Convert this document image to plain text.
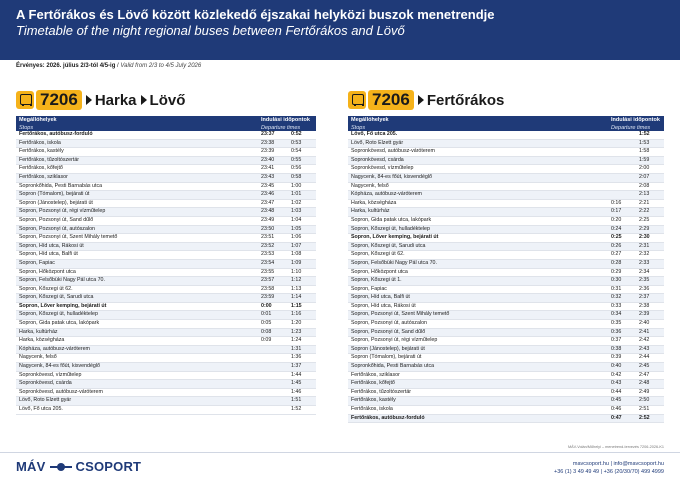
A Fertőrákos és Lövő között közlekedő éjszakai helyközi buszok menetrendje
Timetable of the night regional buses between Fertőrákos and Lövő
Érvényes: 2026. július 2/3-tól 4/5-ig / Valid from 2/3 to 4/5 July 2026
7206 Harka Lövő
Megállóhelyek	Indulási időpontok	
Stops	Departure times	
Fertőrákos, autóbusz-forduló	23:37	0:52
Fertőrákos, iskola	23:38	0:53
Fertőrákos, kastély	23:39	0:54
Fertőrákos, tűzoltószertár	23:40	0:55
Fertőrákos, kőfejtő	23:41	0:56
Fertőrákos, sziklasor	23:43	0:58
Sopronkőhida, Pesti Barnabás utca	23:45	1:00
Sopron (Tómalom), bejárati út	23:46	1:01
Sopron (Jánostelep), bejárati út	23:47	1:02
Sopron, Pozsonyi út, régi vízműtelep	23:48	1:03
Sopron, Pozsonyi út, Sand dűlő	23:49	1:04
Sopron, Pozsonyi út, autószalon	23:50	1:05
Sopron, Pozsonyi út, Szent Mihály temető	23:51	1:06
Sopron, Híd utca, Rákosi út	23:52	1:07
Sopron, Híd utca, Balfi út	23:53	1:08
Sopron, Fapiac	23:54	1:09
Sopron, Hőközpont utca	23:55	1:10
Sopron, Felsőbüki Nagy Pál utca 70.	23:57	1:12
Sopron, Kőszegi út 62.	23:58	1:13
Sopron, Kőszegi út, Sarudi utca	23:59	1:14
Sopron, Lőver kemping, bejárati út	0:00	1:15
Sopron, Kőszegi út, hulladéktelep	0:01	1:16
Sopron, Gida patak utca, lakópark	0:05	1:20
Harka, kultúrház	0:08	1:23
Harka, községháza	0:09	1:24
Kópháza, autóbusz-váróterem		1:31
Nagycenk, felső		1:36
Nagycenk, 84-es főút, kisvendéglő		1:37
Sopronkövesd, vízműtelep		1:44
Sopronkövesd, csárda		1:45
Sopronkövesd, autóbusz-váróterem		1:46
Lövő, Roto Elzett gyár		1:51
Lövő, Fő utca 205.		1:52
7206 Fertőrákos
Megállóhelyek	Indulási időpontok	
Stops	Departure times	
Lövő, Fő utca 205.		1:52
Lövő, Roto Elzett gyár		1:53
Sopronkövesd, autóbusz-váróterem		1:58
Sopronkövesd, csárda		1:59
Sopronkövesd, vízműtelep		2:00
Nagycenk, 84-es főút, kisvendéglő		2:07
Nagycenk, felső		2:08
Kópháza, autóbusz-váróterem		2:13
Harka, községháza	0:16	2:21
Harka, kultúrház	0:17	2:22
Sopron, Gida patak utca, lakópark	0:20	2:25
Sopron, Kőszegi út, hulladéktelep	0:24	2:29
Sopron, Lőver kemping, bejárati út	0:25	2:30
Sopron, Kőszegi út, Sarudi utca	0:26	2:31
Sopron, Kőszegi út 62.	0:27	2:32
Sopron, Felsőbüki Nagy Pál utca 70.	0:28	2:33
Sopron, Hőközpont utca	0:29	2:34
Sopron, Kőszegi út 1.	0:30	2:35
Sopron, Fapiac	0:31	2:36
Sopron, Híd utca, Balfi út	0:32	2:37
Sopron, Híd utca, Rákosi út	0:33	2:38
Sopron, Pozsonyi út, Szent Mihály temető	0:34	2:39
Sopron, Pozsonyi út, autószalon	0:35	2:40
Sopron, Pozsonyi út, Sand dűlő	0:36	2:41
Sopron, Pozsonyi út, régi vízműtelep	0:37	2:42
Sopron (Jánostelep), bejárati út	0:38	2:43
Sopron (Tómalom), bejárati út	0:39	2:44
Sopronkőhida, Pesti Barnabás utca	0:40	2:45
Fertőrákos, sziklasor	0:42	2:47
Fertőrákos, kőfejtő	0:43	2:48
Fertőrákos, tűzoltószertár	0:44	2:49
Fertőrákos, kastély	0:45	2:50
Fertőrákos, iskola	0:46	2:51
Fertőrákos, autóbusz-forduló	0:47	2:52
MÁV-Volán/Műhelyi – menetrend-tervezés 7206-2026-K1
MÁV CSOPORT	mavcsoport.hu | info@mavcsoport.hu
+36 (1) 3 49 49 49 | +36 (20/30/70) 499 4999
